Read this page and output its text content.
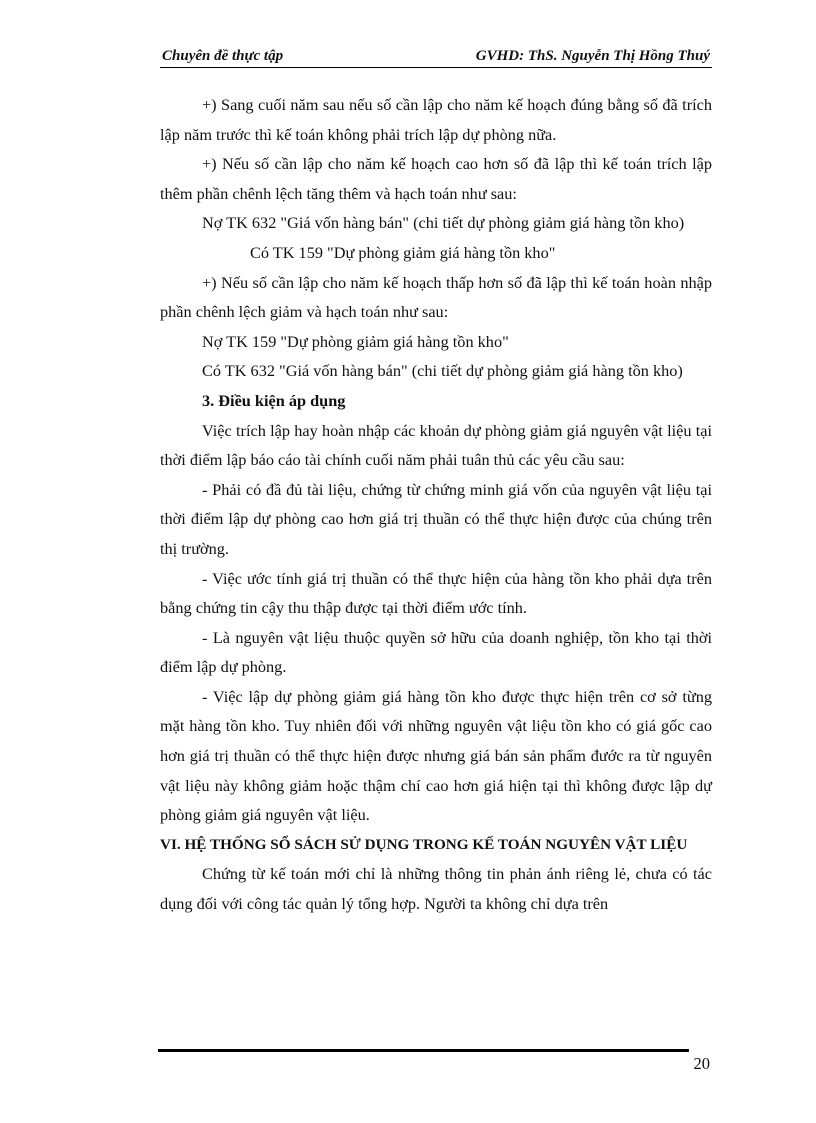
Chuyên đề thực tập	GVHD: ThS. Nguyễn Thị Hồng Thuý

+) Sang cuối năm sau nếu số cần lập cho năm kế hoạch đúng bằng số đã trích lập năm trước thì kế toán không phải trích lập dự phòng nữa.

+) Nếu số cần lập cho năm kế hoạch cao hơn số đã lập thì kế toán trích lập thêm phần chênh lệch tăng thêm và hạch toán như sau:

Nợ TK 632 "Giá vốn hàng bán" (chi tiết dự phòng giảm giá hàng tồn kho)

Có TK 159 "Dự phòng giảm giá hàng tồn kho"

+) Nếu số cần lập cho năm kế hoạch thấp hơn số đã lập thì kế toán hoàn nhập phần chênh lệch giảm và hạch toán như sau:

Nợ TK 159 "Dự phòng giảm giá hàng tồn kho"

Có TK 632 "Giá vốn hàng bán" (chi tiết dự phòng giảm giá hàng tồn kho)

3. Điều kiện áp dụng

Việc trích lập hay hoàn nhập các khoản dự phòng giảm giá nguyên vật liệu tại thời điểm lập báo cáo tài chính cuối năm phải tuân thủ các yêu cầu sau:

- Phải có đầ đủ tài liệu, chứng từ chứng minh giá vốn của nguyên vật liệu tại thời điểm lập dự phòng cao hơn giá trị thuần có thể thực hiện được của chúng trên thị trường.

- Việc ước tính giá trị thuần có thể thực hiện của hàng tồn kho phải dựa trên bằng chứng tin cậy thu thập được tại thời điểm ước tính.

- Là nguyên vật liệu thuộc quyền sở hữu của doanh nghiệp, tồn kho tại thời điểm lập dự phòng.

- Việc lập dự phòng giảm giá hàng tồn kho được thực hiện trên cơ sở từng mặt hàng tồn kho. Tuy nhiên đối với những nguyên vật liệu tồn kho có giá gốc cao hơn giá trị thuần có thể thực hiện được nhưng giá bán sản phẩm đước ra từ nguyên vật liệu này không giảm hoặc thậm chí cao hơn giá hiện tại thì không được lập dự phòng giảm giá nguyên vật liệu.

VI. HỆ THỐNG SỔ SÁCH SỬ DỤNG TRONG KẾ TOÁN NGUYÊN VẬT LIỆU

Chứng từ kế toán mới chỉ là những thông tin phản ánh riêng lẻ, chưa có tác dụng đối với công tác quản lý tổng hợp. Người ta không chỉ dựa trên

20
